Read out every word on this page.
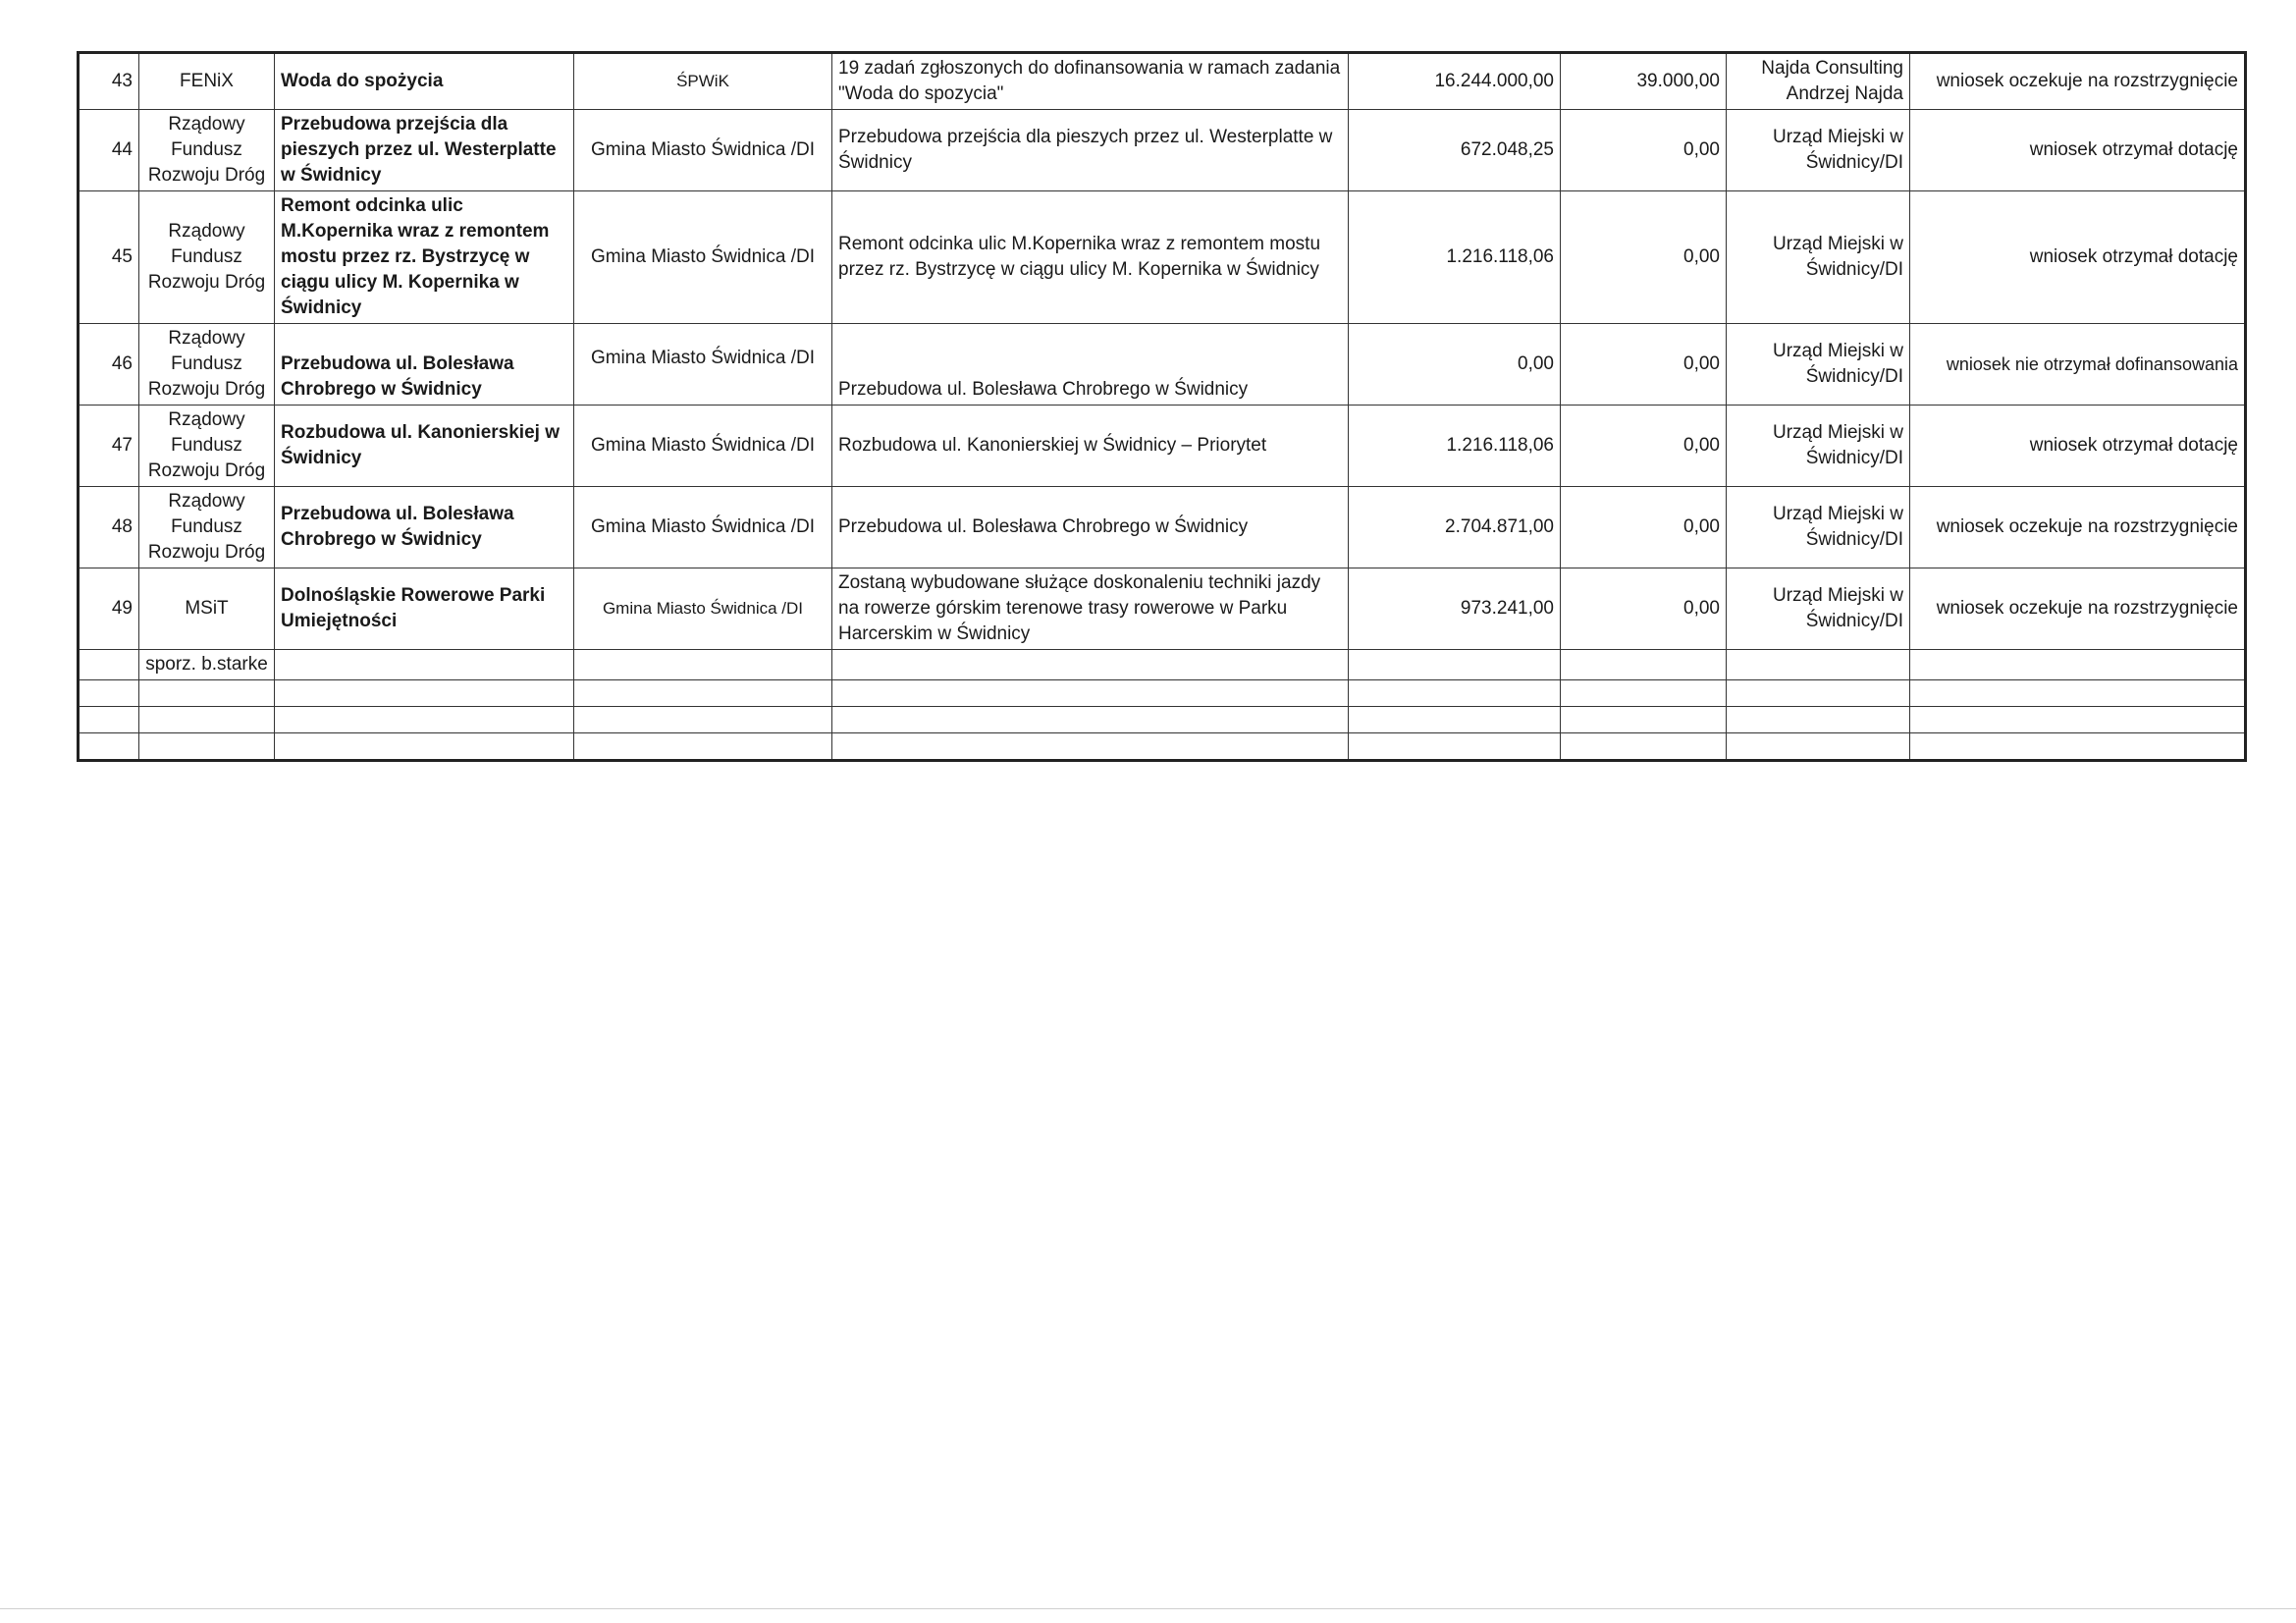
43	FENiX	Woda do spożycia	ŚPWiK	19 zadań zgłoszonych do dofinansowania w ramach zadania "Woda do spozycia"	16.244.000,00	39.000,00	Najda Consulting Andrzej Najda	wniosek oczekuje na rozstrzygnięcie
44	Rządowy Fundusz Rozwoju Dróg	Przebudowa przejścia dla pieszych przez ul. Westerplatte w Świdnicy	Gmina Miasto Świdnica /DI	Przebudowa przejścia dla pieszych przez ul. Westerplatte w Świdnicy	672.048,25	0,00	Urząd Miejski w Świdnicy/DI	wniosek otrzymał dotację
45	Rządowy Fundusz Rozwoju Dróg	Remont odcinka ulic M.Kopernika wraz z remontem mostu przez rz. Bystrzycę w ciągu ulicy M. Kopernika w Świdnicy	Gmina Miasto Świdnica /DI	Remont odcinka ulic M.Kopernika wraz z remontem mostu przez rz. Bystrzycę w ciągu ulicy M. Kopernika w Świdnicy	1.216.118,06	0,00	Urząd Miejski w Świdnicy/DI	wniosek otrzymał dotację
46	Rządowy Fundusz Rozwoju Dróg	Przebudowa ul. Bolesława Chrobrego w Świdnicy	Gmina Miasto Świdnica /DI	Przebudowa ul. Bolesława Chrobrego w Świdnicy	0,00	0,00	Urząd Miejski w Świdnicy/DI	wniosek nie otrzymał dofinansowania
47	Rządowy Fundusz Rozwoju Dróg	Rozbudowa ul. Kanonierskiej w Świdnicy	Gmina Miasto Świdnica /DI	Rozbudowa ul. Kanonierskiej w Świdnicy – Priorytet	1.216.118,06	0,00	Urząd Miejski w Świdnicy/DI	wniosek otrzymał dotację
48	Rządowy Fundusz Rozwoju Dróg	Przebudowa ul. Bolesława Chrobrego w Świdnicy	Gmina Miasto Świdnica /DI	Przebudowa ul. Bolesława Chrobrego w Świdnicy	2.704.871,00	0,00	Urząd Miejski w Świdnicy/DI	wniosek oczekuje na rozstrzygnięcie
49	MSiT	Dolnośląskie Rowerowe Parki Umiejętności	Gmina Miasto Świdnica /DI	Zostaną wybudowane służące doskonaleniu techniki jazdy na rowerze górskim terenowe trasy rowerowe w Parku Harcerskim w Świdnicy	973.241,00	0,00	Urząd Miejski w Świdnicy/DI	wniosek oczekuje na rozstrzygnięcie
	sporz. b.starke							
